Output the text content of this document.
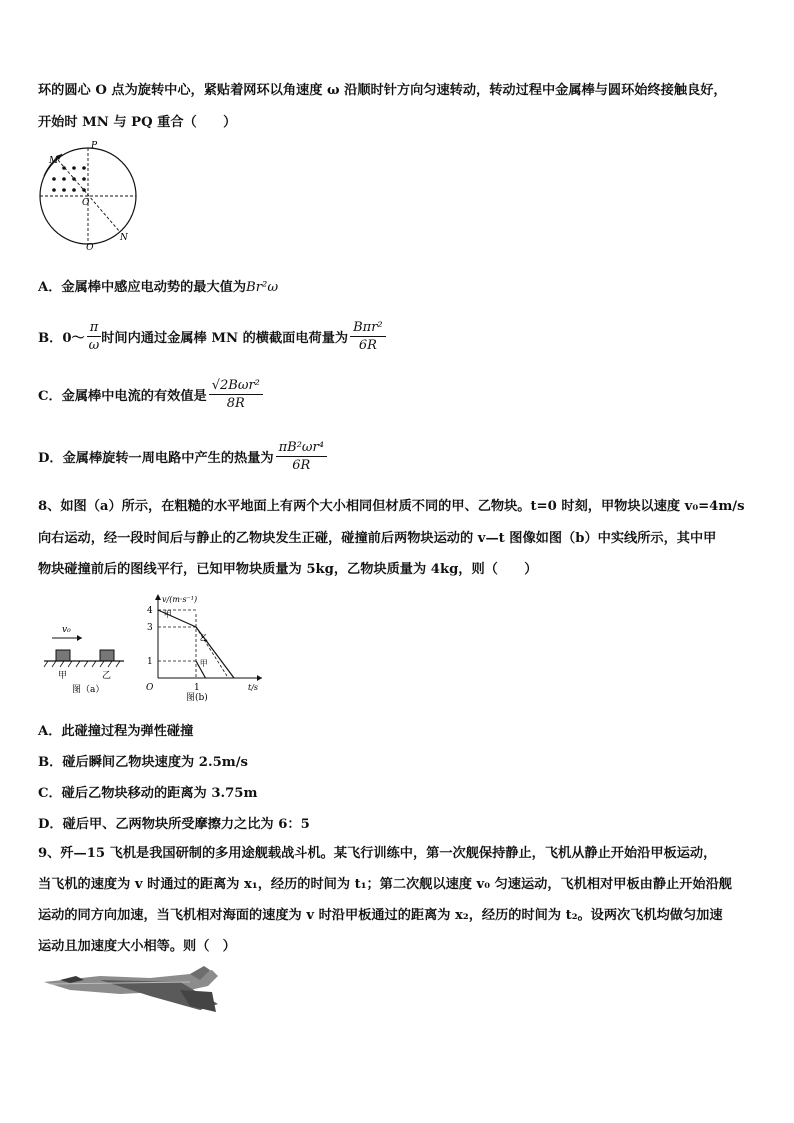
环的圆心 O 点为旋转中心，紧贴着网环以角速度 ω 沿顺时针方向匀速转动，转动过程中金属棒与圆环始终接触良好，
开始时 MN 与 PQ 重合（　　）
P
M
O
Q
N
A．金属棒中感应电动势的最大值为Br²ω
B．0～ $\frac{\pi}{\omega}$ 时间内通过金属棒 MN 的横截面电荷量为 $\frac{\text{Bπr²}}{6R}$
C．金属棒中电流的有效值是 $\frac{\text{√2Bωr²}}{8R}$
D．金属棒旋转一周电路中产生的热量为 $\frac{\text{πB²ωr⁴}}{6R}$
8、如图（a）所示，在粗糙的水平地面上有两个大小相同但材质不同的甲、乙物块。t=0 时刻，甲物块以速度 v₀=4m/s
向右运动，经一段时间后与静止的乙物块发生正碰，碰撞前后两物块运动的 v—t 图像如图（b）中实线所示，其中甲
物块碰撞前后的图线平行，已知甲物块质量为 5kg，乙物块质量为 4kg，则（　　）
v₀
甲	乙
图（a）
v/(m·s⁻¹)
t/s
O
4
3
1
1
甲
乙
甲
图(b)
A．此碰撞过程为弹性碰撞
B．碰后瞬间乙物块速度为 2.5m/s
C．碰后乙物块移动的距离为 3.75m
D．碰后甲、乙两物块所受摩擦力之比为 6：5
9、歼—15 飞机是我国研制的多用途舰载战斗机。某飞行训练中，第一次舰保持静止，飞机从静止开始沿甲板运动，
当飞机的速度为 v 时通过的距离为 x₁，经历的时间为 t₁；第二次舰以速度 v₀ 匀速运动，飞机相对甲板由静止开始沿舰
运动的同方向加速，当飞机相对海面的速度为 v 时沿甲板通过的距离为 x₂，经历的时间为 t₂。设两次飞机均做匀加速
运动且加速度大小相等。则（　）
